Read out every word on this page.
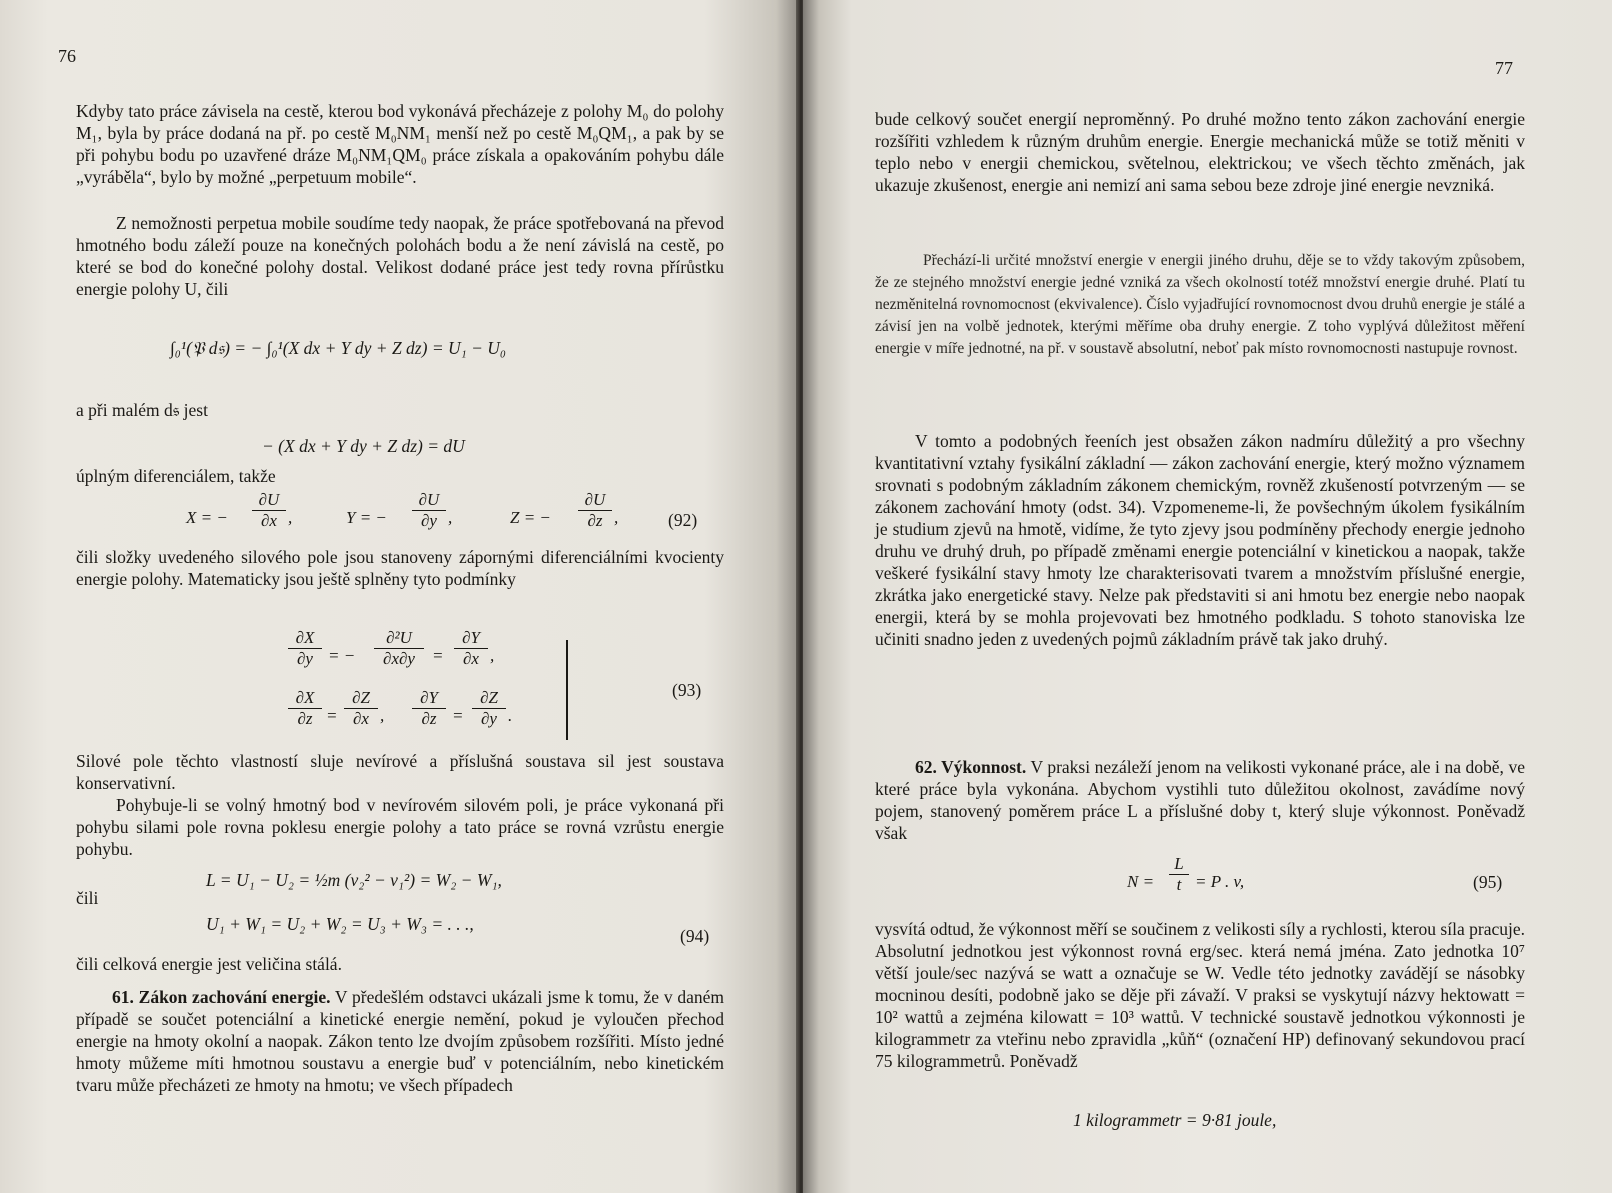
76

Kdyby tato práce závisela na cestě, kterou bod vykonává přecházeje z polohy M₀ do polohy M₁, byla by práce dodaná na př. po cestě M₀NM₁ menší než po cestě M₀QM₁, a pak by se při pohybu bodu po uzavřené dráze M₀NM₁QM₀ práce získala a opakováním pohybu dále „vyráběla“, bylo by možné „perpetuum mobile“.

Z nemožnosti perpetua mobile soudíme tedy naopak, že práce spotřebovaná na převod hmotného bodu záleží pouze na konečných polohách bodu a že není závislá na cestě, po které se bod do konečné polohy dostal. Velikost dodané práce jest tedy rovna přírůstku energie polohy U, čili

∫₀¹(𝔓 d𝔰) = − ∫₀¹(X dx + Y dy + Z dz) = U₁ − U₀
a při malém d𝔰 jest
− (X dx + Y dy + Z dz) = dU
úplným diferenciálem, takže
X = − $\frac{\partial U}{\partial x}$ ,	Y = − $\frac{\partial U}{\partial y}$ ,	Z = − $\frac{\partial U}{\partial z}$ ,	(92)

čili složky uvedeného silového pole jsou stanoveny zápornými diferenciálními kvocienty energie polohy. Matematicky jsou ještě splněny tyto podmínky

$\frac{\partial X}{\partial y}$ = − $\frac{\text{∂²U}}{\partial x\partial y} = \frac{\partial Y}{\partial x}$ ,
$\frac{\partial X}{\partial z} = \frac{\partial Z}{\partial x}$ , $\frac{\partial Y}{\partial z} = \frac{\partial Z}{\partial y}$ .
(93)

Silové pole těchto vlastností sluje nevírové a příslušná soustava sil jest soustava konservativní.

Pohybuje-li se volný hmotný bod v nevírovém silovém poli, je práce vykonaná při pohybu silami pole rovna poklesu energie polohy a tato práce se rovná vzrůstu energie pohybu.

L = U₁ − U₂ = ½m (v₂² − v₁²) = W₂ − W₁,
čili
U₁ + W₁ = U₂ + W₂ = U₃ + W₃ = . . .,
(94)
čili celková energie jest veličina stálá.

61. Zákon zachování energie. V předešlém odstavci ukázali jsme k tomu, že v daném případě se součet potenciální a kinetické energie nemění, pokud je vyloučen přechod energie na hmoty okolní a naopak. Zákon tento lze dvojím způsobem rozšířiti. Místo jedné hmoty můžeme míti hmotnou soustavu a energie buď v potenciálním, nebo kinetickém tvaru může přecházeti ze hmoty na hmotu; ve všech případech

77

bude celkový součet energií neproměnný. Po druhé možno tento zákon zachování energie rozšířiti vzhledem k různým druhům energie. Energie mechanická může se totiž měniti v teplo nebo v energii chemickou, světelnou, elektrickou; ve všech těchto změnách, jak ukazuje zkušenost, energie ani nemizí ani sama sebou beze zdroje jiné energie nevzniká.

Přechází-li určité množství energie v energii jiného druhu, děje se to vždy takovým způsobem, že ze stejného množství energie jedné vzniká za všech okolností totéž množství energie druhé. Platí tu nezměnitelná rovnomocnost (ekvivalence). Číslo vyjadřující rovnomocnost dvou druhů energie je stálé a závisí jen na volbě jednotek, kterými měříme oba druhy energie. Z toho vyplývá důležitost měření energie v míře jednotné, na př. v soustavě absolutní, neboť pak místo rovnomocnosti nastupuje rovnost.

V tomto a podobných řeeních jest obsažen zákon nadmíru důležitý a pro všechny kvantitativní vztahy fysikální základní — zákon zachování energie, který možno významem srovnati s podobným základním zákonem chemickým, rovněž zkušeností potvrzeným — se zákonem zachování hmoty (odst. 34). Vzpomeneme-li, že povšechným úkolem fysikálním je studium zjevů na hmotě, vidíme, že tyto zjevy jsou podmíněny přechody energie jednoho druhu ve druhý druh, po případě změnami energie potenciální v kinetickou a naopak, takže veškeré fysikální stavy hmoty lze charakterisovati tvarem a množstvím příslušné energie, zkrátka jako energetické stavy. Nelze pak představiti si ani hmotu bez energie nebo naopak energii, která by se mohla projevovati bez hmotného podkladu. S tohoto stanoviska lze učiniti snadno jeden z uvedených pojmů základním právě tak jako druhý.

62. Výkonnost. V praksi nezáleží jenom na velikosti vykonané práce, ale i na době, ve které práce byla vykonána. Abychom vystihli tuto důležitou okolnost, zavádíme nový pojem, stanovený poměrem práce L a příslušné doby t, který sluje výkonnost. Poněvadž však

$N = \frac{L}{t} = P$ . v,	(95)

vysvítá odtud, že výkonnost měří se součinem z velikosti síly a rychlosti, kterou síla pracuje. Absolutní jednotkou jest výkonnost rovná erg/sec. která nemá jména. Zato jednotka 10⁷ větší joule/sec nazývá se watt a označuje se W. Vedle této jednotky zavádějí se násobky mocninou desíti, podobně jako se děje při závaží. V praksi se vyskytují názvy hektowatt = 10² wattů a zejména kilowatt = 10³ wattů. V technické soustavě jednotkou výkonnosti je kilogrammetr za vteřinu nebo zpravidla „kůň“ (označení HP) definovaný sekundovou prací 75 kilogrammetrů. Poněvadž

1 kilogrammetr = 9·81 joule,
